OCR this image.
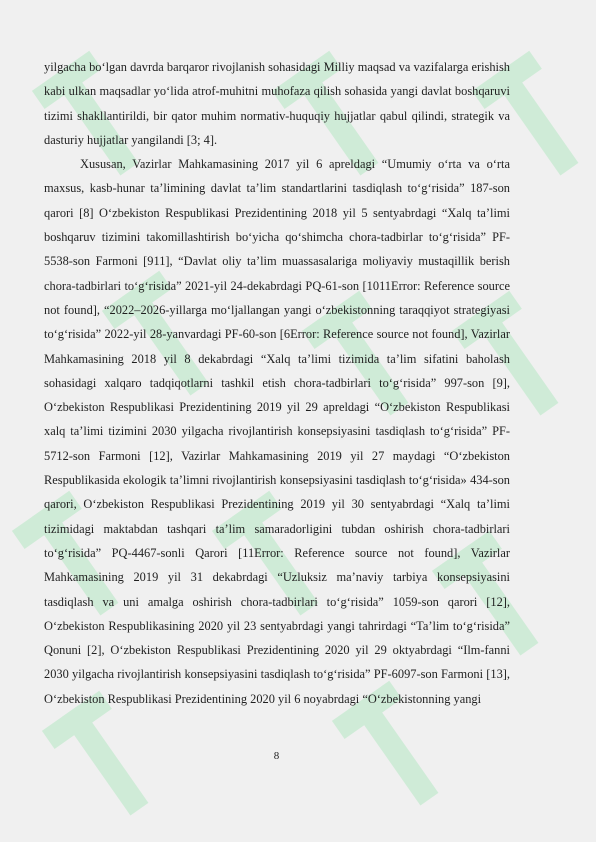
yilgacha bo‘lgan davrda barqaror rivojlanish sohasidagi Milliy maqsad va vazifalarga erishish kabi ulkan maqsadlar yo‘lida atrof-muhitni muhofaza qilish sohasida yangi davlat boshqaruvi tizimi shakllantirildi, bir qator muhim normativ-huquqiy hujjatlar qabul qilindi, strategik va dasturiy hujjatlar yangilandi [3; 4].

Xususan, Vazirlar Mahkamasining 2017 yil 6 apreldagi “Umumiy o‘rta va o‘rta maxsus, kasb-hunar ta’limining davlat ta’lim standartlarini tasdiqlash to‘g‘risida” 187-son qarori [8] O‘zbekiston Respublikasi Prezidentining 2018 yil 5 sentyabrdagi “Xalq ta’limi boshqaruv tizimini takomillashtirish bo‘yicha qo‘shimcha chora-tadbirlar to‘g‘risida” PF-5538-son Farmoni [911], “Davlat oliy ta’lim muassasalariga moliyaviy mustaqillik berish chora-tadbirlari to‘g‘risida” 2021-yil 24-dekabrdagi PQ-61-son [1011Error: Reference source not found], “2022–2026-yillarga mo‘ljallangan yangi o‘zbekistonning taraqqiyot strategiyasi to‘g‘risida” 2022-yil 28-yanvardagi PF-60-son [6Error: Reference source not found], Vazirlar Mahkamasining 2018 yil 8 dekabrdagi “Xalq ta’limi tizimida ta’lim sifatini baholash sohasidagi xalqaro tadqiqotlarni tashkil etish chora-tadbirlari to‘g‘risida” 997-son [9], O‘zbekiston Respublikasi Prezidentining 2019 yil 29 apreldagi “O‘zbekiston Respublikasi xalq ta’limi tizimini 2030 yilgacha rivojlantirish konsepsiyasini tasdiqlash to‘g‘risida” PF-5712-son Farmoni [12], Vazirlar Mahkamasining 2019 yil 27 maydagi “O‘zbekiston Respublikasida ekologik ta’limni rivojlantirish konsepsiyasini tasdiqlash to‘g‘risida» 434-son qarori, O‘zbekiston Respublikasi Prezidentining 2019 yil 30 sentyabrdagi “Xalq ta’limi tizimidagi maktabdan tashqari ta’lim samaradorligini tubdan oshirish chora-tadbirlari to‘g‘risida” PQ-4467-sonli Qarori [11Error: Reference source not found], Vazirlar Mahkamasining 2019 yil 31 dekabrdagi “Uzluksiz ma’naviy tarbiya konsepsiyasini tasdiqlash va uni amalga oshirish chora-tadbirlari to‘g‘risida” 1059-son qarori [12], O‘zbekiston Respublikasining 2020 yil 23 sentyabrdagi yangi tahrirdagi “Ta’lim to‘g‘risida” Qonuni [2], O‘zbekiston Respublikasi Prezidentining 2020 yil 29 oktyabrdagi “Ilm-fanni 2030 yilgacha rivojlantirish konsepsiyasini tasdiqlash to‘g‘risida” PF-6097-son Farmoni [13], O‘zbekiston Respublikasi Prezidentining 2020 yil 6 noyabrdagi “O‘zbekistonning yangi

8
